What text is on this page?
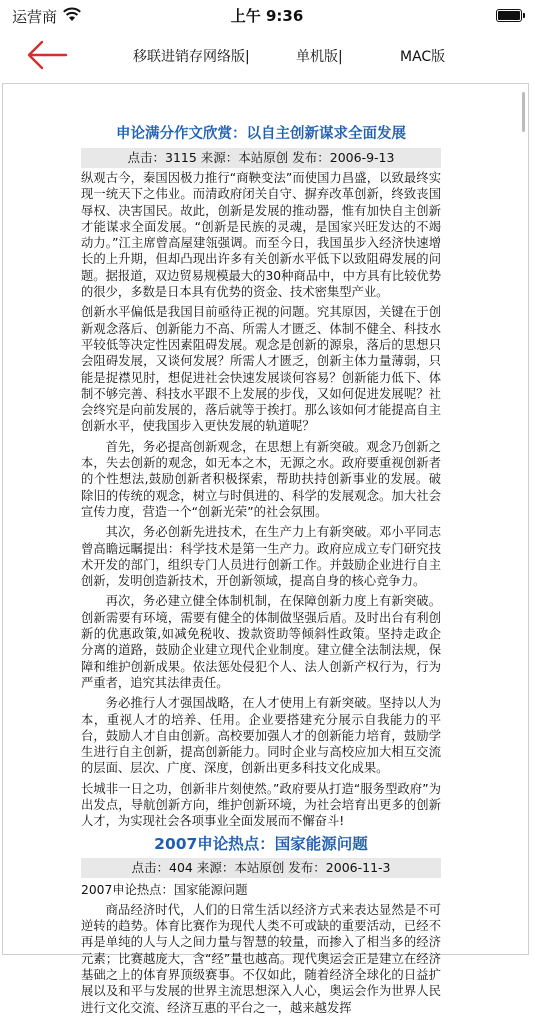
运营商	上午 9:36
移联进销存网络版|	单机版|	MAC版
申论满分作文欣赏：以自主创新谋求全面发展
点击：3115 来源：本站原创 发布：2006-9-13
纵观古今，秦国因极力推行“商鞅变法”而使国力昌盛，以致最终实现一统天下之伟业。而清政府闭关自守、摒弃改革创新，终致丧国辱权、决害国民。故此，创新是发展的推动器，惟有加快自主创新才能谋求全面发展。“创新是民族的灵魂，是国家兴旺发达的不竭动力。”江主席曾高屋建瓴强调。而至今日，我国虽步入经济快速增长的上升期，但却凸现出许多有关创新水平低下以致阻碍发展的问题。据报道，双边贸易规模最大的30种商品中，中方具有比较优势的很少，多数是日本具有优势的资金、技术密集型产业。
创新水平偏低是我国目前亟待正视的问题。究其原因，关键在于创新观念落后、创新能力不高、所需人才匮乏、体制不健全、科技水平较低等决定性因素阻碍发展。观念是创新的源泉，落后的思想只会阻碍发展，又谈何发展？所需人才匮乏，创新主体力量薄弱，只能是捉襟见肘，想促进社会快速发展谈何容易？创新能力低下、体制不够完善、科技水平跟不上发展的步伐，又如何促进发展呢？社会终究是向前发展的，落后就等于挨打。那么该如何才能提高自主创新水平，使我国步入更快发展的轨道呢？
首先，务必提高创新观念，在思想上有新突破。观念乃创新之本，失去创新的观念，如无本之木，无源之水。政府要重视创新者的个性想法,鼓励创新者积极探索，帮助扶持创新事业的发展。破除旧的传统的观念，树立与时俱进的、科学的发展观念。加大社会宣传力度，营造一个“创新光荣”的社会氛围。
其次，务必创新先进技术，在生产力上有新突破。邓小平同志曾高瞻远瞩提出：科学技术是第一生产力。政府应成立专门研究技术开发的部门，组织专门人员进行创新工作。并鼓励企业进行自主创新，发明创造新技术，开创新领域，提高自身的核心竞争力。
再次，务必建立健全体制机制，在保障创新力度上有新突破。创新需要有环境，需要有健全的体制做坚强后盾。及时出台有利创新的优惠政策,如减免税收、拨款资助等倾斜性政策。坚持走政企分离的道路，鼓励企业建立现代企业制度。建立健全法制法规，保障和维护创新成果。依法惩处侵犯个人、法人创新产权行为，行为严重者，追究其法律责任。
务必推行人才强国战略，在人才使用上有新突破。坚持以人为本，重视人才的培养、任用。企业要搭建充分展示自我能力的平台，鼓励人才自由创新。高校要加强人才的创新能力培育，鼓励学生进行自主创新，提高创新能力。同时企业与高校应加大相互交流的层面、层次、广度、深度，创新出更多科技文化成果。
长城非一日之功，创新非片刻使然。”政府要从打造“服务型政府”为出发点，导航创新方向，维护创新环境，为社会培育出更多的创新人才，为实现社会各项事业全面发展而不懈奋斗!
2007申论热点：国家能源问题
点击：404 来源：本站原创 发布：2006-11-3
2007申论热点：国家能源问题
商品经济时代，人们的日常生活以经济方式来表达显然是不可逆转的趋势。体育比赛作为现代人类不可或缺的重要活动，已经不再是单纯的人与人之间力量与智慧的较量，而掺入了相当多的经济元素；比赛越庞大，含“经”量也越高。现代奥运会正是建立在经济基础之上的体育界顶级赛事。不仅如此，随着经济全球化的日益扩展以及和平与发展的世界主流思想深入人心，奥运会作为世界人民进行文化交流、经济互惠的平台之一，越来越发挥
